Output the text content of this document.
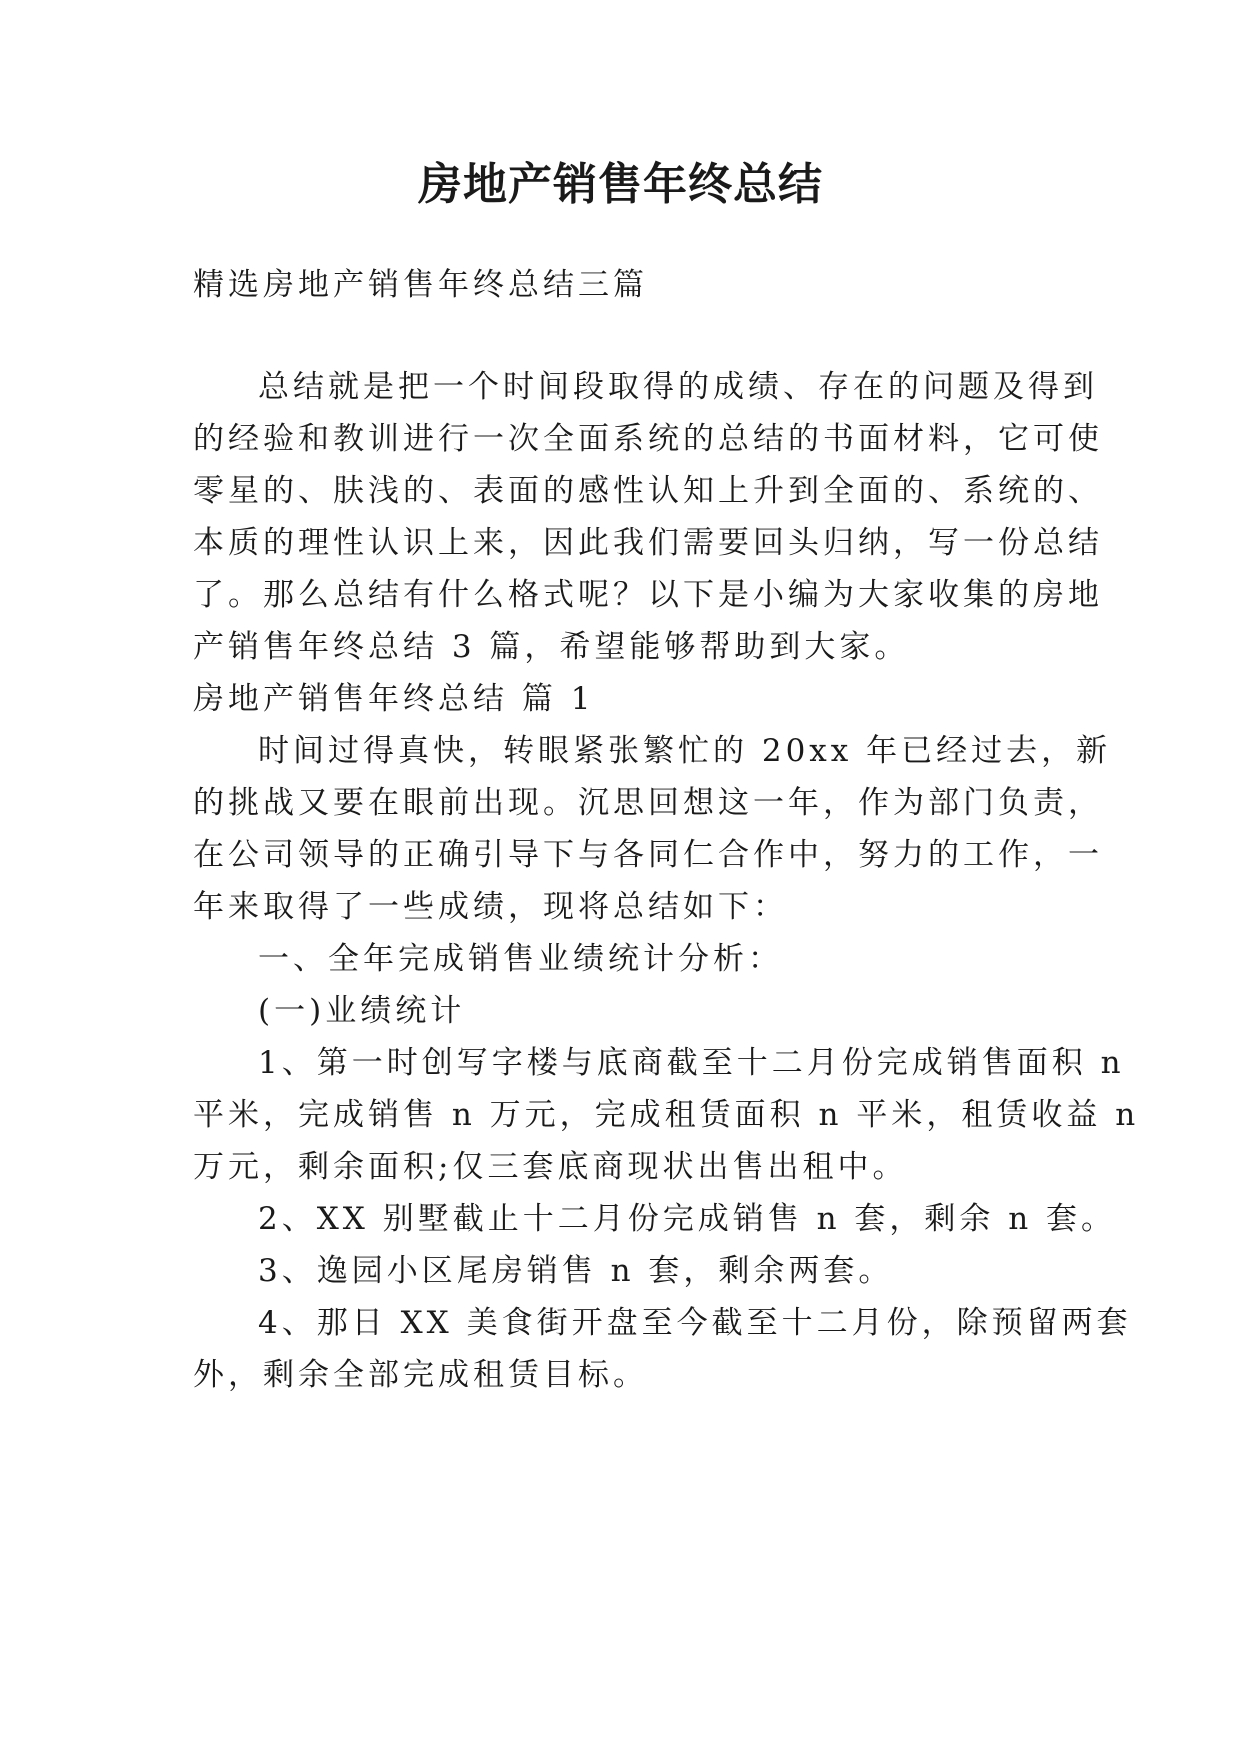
房地产销售年终总结
精选房地产销售年终总结三篇
总结就是把一个时间段取得的成绩、存在的问题及得到
的经验和教训进行一次全面系统的总结的书面材料，它可使
零星的、肤浅的、表面的感性认知上升到全面的、系统的、
本质的理性认识上来，因此我们需要回头归纳，写一份总结
了。那么总结有什么格式呢？以下是小编为大家收集的房地
产销售年终总结 3 篇，希望能够帮助到大家。
房地产销售年终总结 篇 1
时间过得真快，转眼紧张繁忙的 20xx 年已经过去，新
的挑战又要在眼前出现。沉思回想这一年，作为部门负责，
在公司领导的正确引导下与各同仁合作中，努力的工作，一
年来取得了一些成绩，现将总结如下：
一、全年完成销售业绩统计分析：
(一)业绩统计
1、第一时创写字楼与底商截至十二月份完成销售面积 n
平米，完成销售 n 万元，完成租赁面积 n 平米，租赁收益 n
万元，剩余面积;仅三套底商现状出售出租中。
2、XX 别墅截止十二月份完成销售 n 套，剩余 n 套。
3、逸园小区尾房销售 n 套，剩余两套。
4、那日 XX 美食街开盘至今截至十二月份，除预留两套
外，剩余全部完成租赁目标。
